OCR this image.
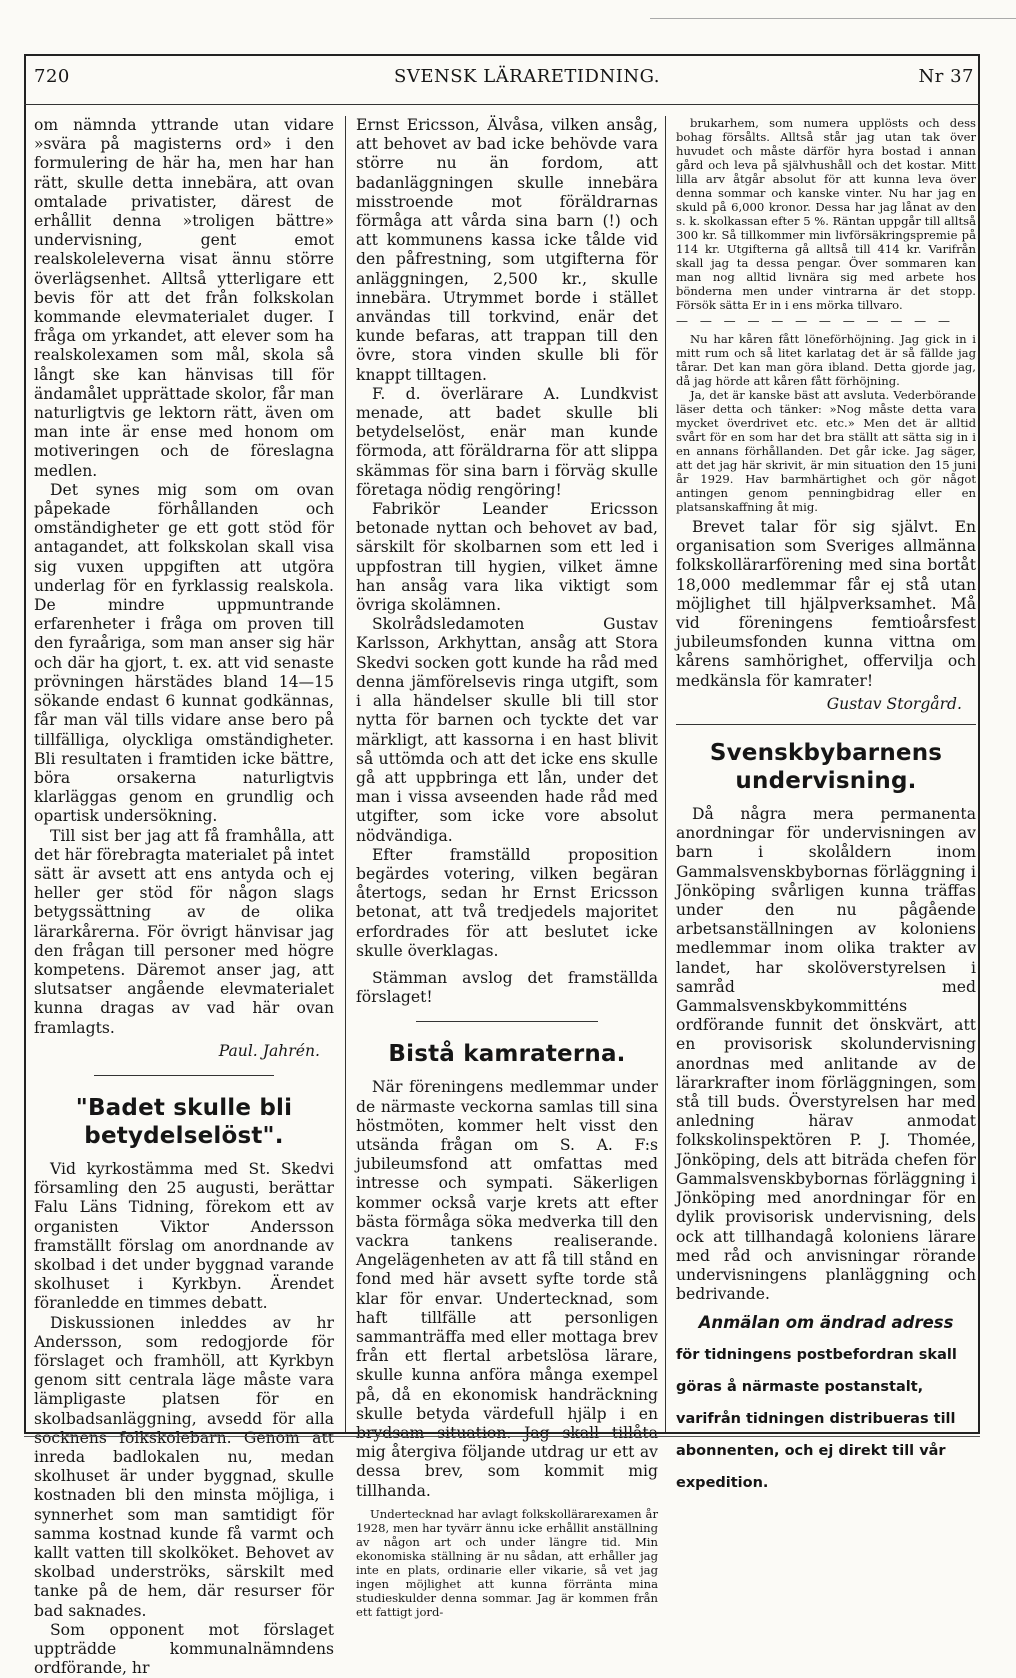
720	SVENSK LÄRARETIDNING.	Nr 37

om nämnda yttrande utan vidare »svära på magisterns ord» i den formulering de här ha, men har han rätt, skulle detta innebära, att ovan omtalade privatister, därest de erhållit denna »troligen bättre» undervisning, gent emot realskoleleverna visat ännu större överlägsenhet. Alltså ytterligare ett bevis för att det från folkskolan kommande elevmaterialet duger. I fråga om yrkandet, att elever som ha realskolexamen som mål, skola så långt ske kan hänvisas till för ändamålet upprättade skolor, får man naturligtvis ge lektorn rätt, även om man inte är ense med honom om motiveringen och de föreslagna medlen.

Det synes mig som om ovan påpekade förhållanden och omständigheter ge ett gott stöd för antagandet, att folkskolan skall visa sig vuxen uppgiften att utgöra underlag för en fyrklassig realskola. De mindre uppmuntrande erfarenheter i fråga om proven till den fyraåriga, som man anser sig här och där ha gjort, t. ex. att vid senaste prövningen härstädes bland 14—15 sökande endast 6 kunnat godkännas, får man väl tills vidare anse bero på tillfälliga, olyckliga omständigheter. Bli resultaten i framtiden icke bättre, böra orsakerna naturligtvis klarläggas genom en grundlig och opartisk undersökning.

Till sist ber jag att få framhålla, att det här förebragta materialet på intet sätt är avsett att ens antyda och ej heller ger stöd för någon slags betygssättning av de olika lärarkårerna. För övrigt hänvisar jag den frågan till personer med högre kompetens. Däremot anser jag, att slutsatser angående elevmaterialet kunna dragas av vad här ovan framlagts.

Paul. Jahrén.
"Badet skulle bli betydelselöst".

Vid kyrkostämma med St. Skedvi församling den 25 augusti, berättar Falu Läns Tidning, förekom ett av organisten Viktor Andersson framställt förslag om anordnande av skolbad i det under byggnad varande skolhuset i Kyrkbyn. Ärendet föranledde en timmes debatt.

Diskussionen inleddes av hr Andersson, som redogjorde för förslaget och framhöll, att Kyrkbyn genom sitt centrala läge måste vara lämpligaste platsen för en skolbadsanläggning, avsedd för alla socknens folkskolebarn. Genom att inreda badlokalen nu, medan skolhuset är under byggnad, skulle kostnaden bli den minsta möjliga, i synnerhet som man samtidigt för samma kostnad kunde få varmt och kallt vatten till skolköket. Behovet av skolbad underströks, särskilt med tanke på de hem, där resurser för bad saknades.

Som opponent mot förslaget uppträdde kommunalnämndens ordförande, hr

Ernst Ericsson, Älvåsa, vilken ansåg, att behovet av bad icke behövde vara större nu än fordom, att badanläggningen skulle innebära misstroende mot föräldrarnas förmåga att vårda sina barn (!) och att kommunens kassa icke tålde vid den påfrestning, som utgifterna för anläggningen, 2,500 kr., skulle innebära. Utrymmet borde i stället användas till torkvind, enär det kunde befaras, att trappan till den övre, stora vinden skulle bli för knappt tilltagen.

F. d. överlärare A. Lundkvist menade, att badet skulle bli betydelselöst, enär man kunde förmoda, att föräldrarna för att slippa skämmas för sina barn i förväg skulle företaga nödig rengöring!

Fabrikör Leander Ericsson betonade nyttan och behovet av bad, särskilt för skolbarnen som ett led i uppfostran till hygien, vilket ämne han ansåg vara lika viktigt som övriga skolämnen.

Skolrådsledamoten Gustav Karlsson, Arkhyttan, ansåg att Stora Skedvi socken gott kunde ha råd med denna jämförelsevis ringa utgift, som i alla händelser skulle bli till stor nytta för barnen och tyckte det var märkligt, att kassorna i en hast blivit så uttömda och att det icke ens skulle gå att uppbringa ett lån, under det man i vissa avseenden hade råd med utgifter, som icke vore absolut nödvändiga.

Efter framställd proposition begärdes votering, vilken begäran återtogs, sedan hr Ernst Ericsson betonat, att två tredjedels majoritet erfordrades för att beslutet icke skulle överklagas.

Stämman avslog det framställda förslaget!

Bistå kamraterna.

När föreningens medlemmar under de närmaste veckorna samlas till sina höstmöten, kommer helt visst den utsända frågan om S. A. F:s jubileumsfond att omfattas med intresse och sympati. Säkerligen kommer också varje krets att efter bästa förmåga söka medverka till den vackra tankens realiserande. Angelägenheten av att få till stånd en fond med här avsett syfte torde stå klar för envar. Undertecknad, som haft tillfälle att personligen sammanträffa med eller mottaga brev från ett flertal arbetslösa lärare, skulle kunna anföra många exempel på, då en ekonomisk handräckning skulle betyda värdefull hjälp i en brydsam situation. Jag skall tillåta mig återgiva följande utdrag ur ett av dessa brev, som kommit mig tillhanda.

Undertecknad har avlagt folkskollärarexamen år 1928, men har tyvärr ännu icke erhållit anställning av någon art och under längre tid. Min ekonomiska ställning är nu sådan, att erhåller jag inte en plats, ordinarie eller vikarie, så vet jag ingen möjlighet att kunna förränta mina studieskulder denna sommar. Jag är kommen från ett fattigt jord-

brukarhem, som numera upplösts och dess bohag försålts. Alltså står jag utan tak över huvudet och måste därför hyra bostad i annan gård och leva på självhushåll och det kostar. Mitt lilla arv åtgår absolut för att kunna leva över denna sommar och kanske vinter. Nu har jag en skuld på 6,000 kronor. Dessa har jag lånat av den s. k. skolkassan efter 5 %. Räntan uppgår till alltså 300 kr. Så tillkommer min livförsäkringspremie på 114 kr. Utgifterna gå alltså till 414 kr. Varifrån skall jag ta dessa pengar. Över sommaren kan man nog alltid livnära sig med arbete hos bönderna men under vintrarna är det stopp. Försök sätta Er in i ens mörka tillvaro.

— — — — — — — — — — — —

Nu har kåren fått löneförhöjning. Jag gick in i mitt rum och så litet karlatag det är så fällde jag tårar. Det kan man göra ibland. Detta gjorde jag, då jag hörde att kåren fått förhöjning.

Ja, det är kanske bäst att avsluta. Vederbörande läser detta och tänker: »Nog måste detta vara mycket överdrivet etc. etc.» Men det är alltid svårt för en som har det bra ställt att sätta sig in i en annans förhållanden. Det går icke. Jag säger, att det jag här skrivit, är min situation den 15 juni år 1929. Hav barmhärtighet och gör något antingen genom penningbidrag eller en platsanskaffning åt mig.

Brevet talar för sig självt. En organisation som Sveriges allmänna folkskollärarförening med sina bortåt 18,000 medlemmar får ej stå utan möjlighet till hjälpverksamhet. Må vid föreningens femtioårsfest jubileumsfonden kunna vittna om kårens samhörighet, offervilja och medkänsla för kamrater!

Gustav Storgård.
Svenskbybarnens undervisning.

Då några mera permanenta anordningar för undervisningen av barn i skolåldern inom Gammalsvenskbybornas förläggning i Jönköping svårligen kunna träffas under den nu pågående arbetsanställningen av koloniens medlemmar inom olika trakter av landet, har skolöverstyrelsen i samråd med Gammalsvenskbykommitténs ordförande funnit det önskvärt, att en provisorisk skolundervisning anordnas med anlitande av de lärarkrafter inom förläggningen, som stå till buds. Överstyrelsen har med anledning härav anmodat folkskolinspektören P. J. Thomée, Jönköping, dels att biträda chefen för Gammalsvenskbybornas förläggning i Jönköping med anordningar för en dylik provisorisk undervisning, dels ock att tillhandagå koloniens lärare med råd och anvisningar rörande undervisningens planläggning och bedrivande.

Anmälan om ändrad adress
för tidningens postbefordran skall göras å närmaste postanstalt, varifrån tidningen distribueras till abonnenten, och ej direkt till vår expedition.
